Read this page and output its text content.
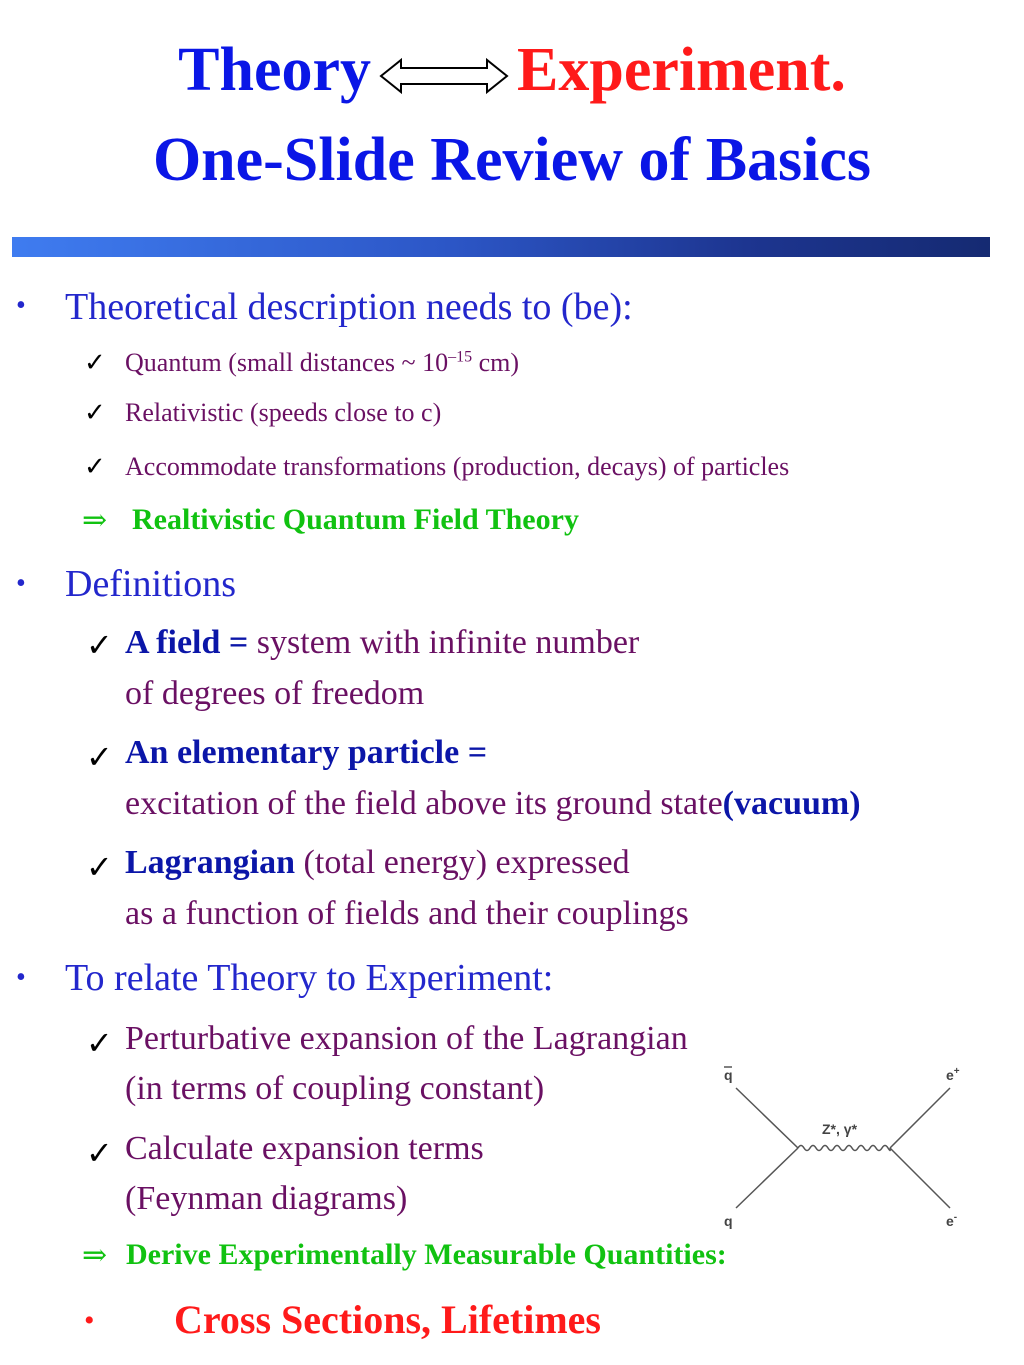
Theory Experiment.
One-Slide Review of Basics
• Theoretical description needs to (be):
✓ Quantum (small distances ~ $10^{-15}$ cm)
✓ Relativistic (speeds close to c)
✓ Accommodate transformations (production, decays) of particles
⇒ Realtivistic Quantum Field Theory
• Definitions
✓ A field = system with infinite number
of degrees of freedom
✓ An elementary particle =
excitation of the field above its ground state(vacuum)
✓ Lagrangian (total energy) expressed
as a function of fields and their couplings
• To relate Theory to Experiment:
✓ Perturbative expansion of the Lagrangian
(in terms of coupling constant)
✓ Calculate expansion terms
(Feynman diagrams)
⇒ Derive Experimentally Measurable Quantities:
• Cross Sections, Lifetimes
q
q
e+
e-
Z*, γ*
